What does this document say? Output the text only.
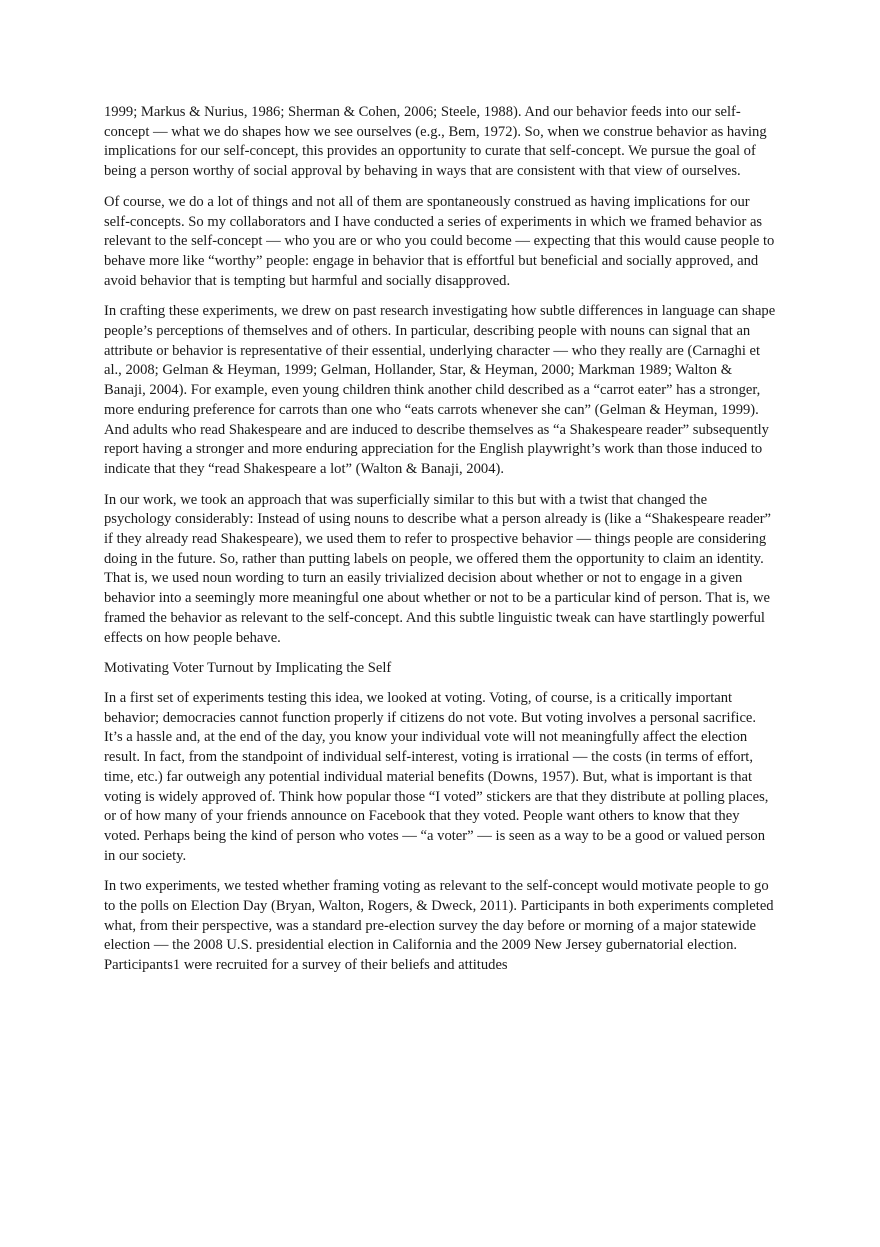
1999; Markus & Nurius, 1986; Sherman & Cohen, 2006; Steele, 1988). And our behavior feeds into our self-concept — what we do shapes how we see ourselves (e.g., Bem, 1972). So, when we construe behavior as having implications for our self-concept, this provides an opportunity to curate that self-concept. We pursue the goal of being a person worthy of social approval by behaving in ways that are consistent with that view of ourselves.

Of course, we do a lot of things and not all of them are spontaneously construed as having implications for our self-concepts. So my collaborators and I have conducted a series of experiments in which we framed behavior as relevant to the self-concept — who you are or who you could become — expecting that this would cause people to behave more like “worthy” people: engage in behavior that is effortful but beneficial and socially approved, and avoid behavior that is tempting but harmful and socially disapproved.

In crafting these experiments, we drew on past research investigating how subtle differences in language can shape people’s perceptions of themselves and of others. In particular, describing people with nouns can signal that an attribute or behavior is representative of their essential, underlying character — who they really are (Carnaghi et al., 2008; Gelman & Heyman, 1999; Gelman, Hollander, Star, & Heyman, 2000; Markman 1989; Walton & Banaji, 2004). For example, even young children think another child described as a “carrot eater” has a stronger, more enduring preference for carrots than one who “eats carrots whenever she can” (Gelman & Heyman, 1999). And adults who read Shakespeare and are induced to describe themselves as “a Shakespeare reader” subsequently report having a stronger and more enduring appreciation for the English playwright’s work than those induced to indicate that they “read Shakespeare a lot” (Walton & Banaji, 2004).

In our work, we took an approach that was superficially similar to this but with a twist that changed the psychology considerably: Instead of using nouns to describe what a person already is (like a “Shakespeare reader” if they already read Shakespeare), we used them to refer to prospective behavior — things people are considering doing in the future. So, rather than putting labels on people, we offered them the opportunity to claim an identity. That is, we used noun wording to turn an easily trivialized decision about whether or not to engage in a given behavior into a seemingly more meaningful one about whether or not to be a particular kind of person. That is, we framed the behavior as relevant to the self-concept. And this subtle linguistic tweak can have startlingly powerful effects on how people behave.

Motivating Voter Turnout by Implicating the Self

In a first set of experiments testing this idea, we looked at voting. Voting, of course, is a critically important behavior; democracies cannot function properly if citizens do not vote. But voting involves a personal sacrifice. It’s a hassle and, at the end of the day, you know your individual vote will not meaningfully affect the election result. In fact, from the standpoint of individual self-interest, voting is irrational — the costs (in terms of effort, time, etc.) far outweigh any potential individual material benefits (Downs, 1957). But, what is important is that voting is widely approved of. Think how popular those “I voted” stickers are that they distribute at polling places, or of how many of your friends announce on Facebook that they voted. People want others to know that they voted. Perhaps being the kind of person who votes — “a voter” — is seen as a way to be a good or valued person in our society.

In two experiments, we tested whether framing voting as relevant to the self-concept would motivate people to go to the polls on Election Day (Bryan, Walton, Rogers, & Dweck, 2011). Participants in both experiments completed what, from their perspective, was a standard pre-election survey the day before or morning of a major statewide election — the 2008 U.S. presidential election in California and the 2009 New Jersey gubernatorial election. Participants1 were recruited for a survey of their beliefs and attitudes
